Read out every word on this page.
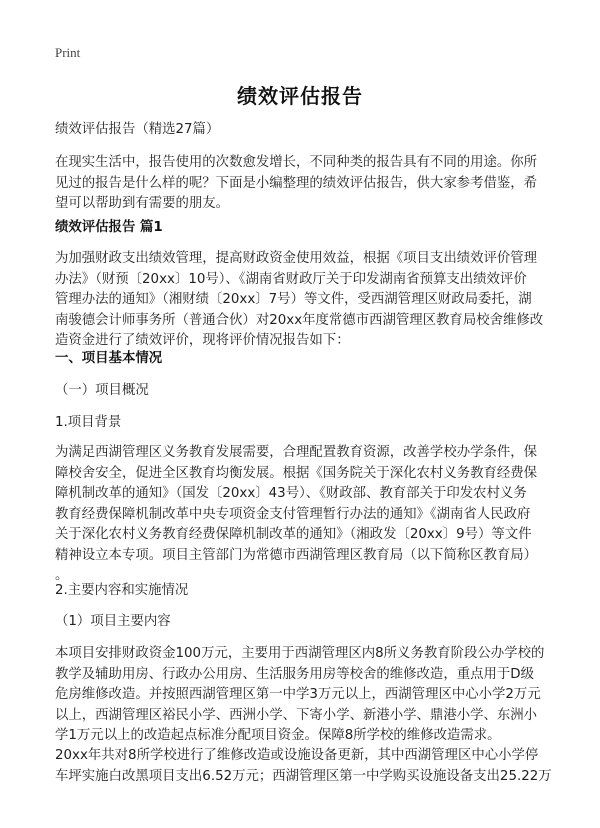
Print
绩效评估报告

绩效评估报告（精选27篇）

在现实生活中，报告使用的次数愈发增长，不同种类的报告具有不同的用途。你所

见过的报告是什么样的呢？下面是小编整理的绩效评估报告，供大家参考借鉴，希

望可以帮助到有需要的朋友。

绩效评估报告 篇1

为加强财政支出绩效管理，提高财政资金使用效益，根据《项目支出绩效评价管理

办法》（财预〔20xx〕10号）、《湖南省财政厅关于印发湖南省预算支出绩效评价

管理办法的通知》（湘财绩〔20xx〕7号）等文件，受西湖管理区财政局委托，湖

南骏德会计师事务所（普通合伙）对20xx年度常德市西湖管理区教育局校舍维修改

造资金进行了绩效评价，现将评价情况报告如下：

一、项目基本情况

（一）项目概况

1.项目背景

为满足西湖管理区义务教育发展需要，合理配置教育资源，改善学校办学条件，保

障校舍安全，促进全区教育均衡发展。根据《国务院关于深化农村义务教育经费保

障机制改革的通知》（国发〔20xx〕43号）、《财政部、教育部关于印发农村义务

教育经费保障机制改革中央专项资金支付管理暂行办法的通知》《湖南省人民政府

关于深化农村义务教育经费保障机制改革的通知》（湘政发〔20xx〕9号）等文件

精神设立本专项。项目主管部门为常德市西湖管理区教育局（以下简称区教育局）

。

2.主要内容和实施情况

（1）项目主要内容

本项目安排财政资金100万元，主要用于西湖管理区内8所义务教育阶段公办学校的

教学及辅助用房、行政办公用房、生活服务用房等校舍的维修改造，重点用于D级

危房维修改造。并按照西湖管理区第一中学3万元以上，西湖管理区中心小学2万元

以上，西湖管理区裕民小学、西洲小学、下寄小学、新港小学、鼎港小学、东洲小

学1万元以上的改造起点标准分配项目资金。保障8所学校的维修改造需求。

20xx年共对8所学校进行了维修改造或设施设备更新，其中西湖管理区中心小学停

车坪实施白改黑项目支出6.52万元；西湖管理区第一中学购买设施设备支出25.22万
